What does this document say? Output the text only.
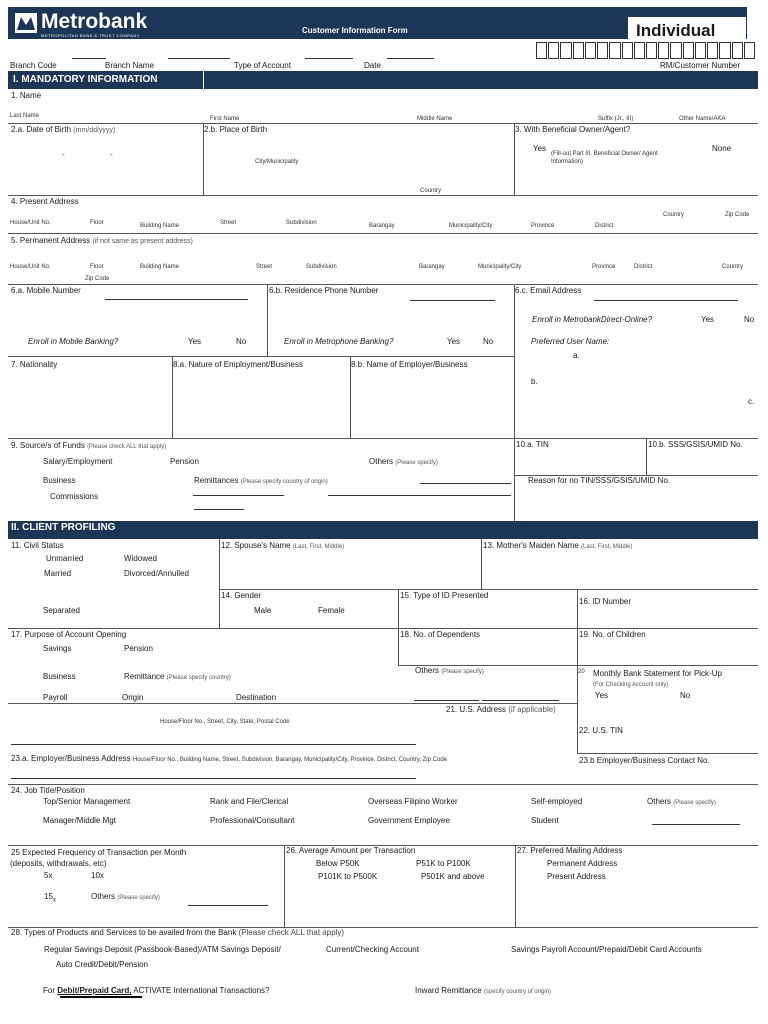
Metrobank
METROPOLITAN BANK & TRUST COMPANY
Customer Information Form	Individual
Branch Code	Branch Name	Type of Account	Date	RM/Customer Number
I. MANDATORY INFORMATION
1. Name
Last Name	First Name	Middle Name	Suffix (Jr., III)	Other Name/AKA
2.a. Date of Birth (mm/dd/yyyy)
-	-
2.b. Place of Birth
City/Municipality
Country
3. With Beneficial Owner/Agent?
Yes
(Fill-out Part III. Beneficial Owner/ Agent Information)
None
4. Present Address
House/Unit No.	Floor	Building Name	Street	Subdivision	Barangay	Municipality/City	Province	District
Country	Zip Code
5. Permanent Address (if not same as present address)
House/Unit No.	Floor	Building Name	Street	Subdivision	Barangay	Municipality/City	Province	District	Country
Zip Code
6.a. Mobile Number
Enroll in Mobile Banking?	Yes	No
6.b. Residence Phone Number
Enroll in Metrophone Banking?	Yes	No
6.c. Email Address
Enroll in MetrobankDirect-Online?	Yes	No
Preferred User Name:
a.
b.
c.
7. Nationality	8.a. Nature of Employment/Business	8.b. Name of Employer/Business
9. Source/s of Funds (Please check ALL that apply)
Salary/Employment	Pension	Others (Please specify)
Business	Remittances (Please specify country of origin)
Commissions
10.a. TIN	10.b. SSS/GSIS/UMID No.
Reason for no TIN/SSS/GSIS/UMID No.
II. CLIENT PROFILING
11. Civil Status
Unmarried	Widowed
Married	Divorced/Annulled
Separated
12. Spouse's Name (Last, First, Middle)	13. Mother's Maiden Name (Last, First, Middle)
14. Gender
Male	Female
15. Type of ID Presented
16. ID Number
17. Purpose of Account Opening
Savings	Pension
Business	Remittance (Please specify country)
Payroll	Origin	Destination
18. No. of Dependents
Others (Please specify)
19. No. of Children
20 Monthly Bank Statement for Pick-Up
(For Checking Account only)
Yes	No
21. U.S. Address (if applicable)
House/Floor No., Street, City, State, Postal Code
22. U.S. TIN
23.a. Employer/Business Address House/Floor No., Building Name, Street, Subdivision, Barangay, Municipality/City, Province, District, Country, Zip Code	23.b Employer/Business Contact No.
24. Job Title/Position
Top/Senior Management	Rank and File/Clerical	Overseas Filipino Worker	Self-employed	Others (Please specify)
Manager/Middle Mgt	Professional/Consultant	Government Employee	Student
25 Expected Frequency of Transaction per Month
(deposits, withdrawals, etc)
5x	10x
$15_x$	Others (Please specify)
26. Average Amount per Transaction
Below P50K	P51K to P100K
P101K to P500K	P501K and above
27. Preferred Mailing Address
Permanent Address
Present Address
28. Types of Products and Services to be availed from the Bank (Please check ALL that apply)
Regular Savings Deposit (Passbook-Based)/ATM Savings Deposit/
Auto Credit/Debit/Pension
Current/Checking Account	Savings Payroll Account/Prepaid/Debit Card Accounts
For Debit/Prepaid Card, ACTIVATE International Transactions?	Inward Remittance (specify country of origin)
